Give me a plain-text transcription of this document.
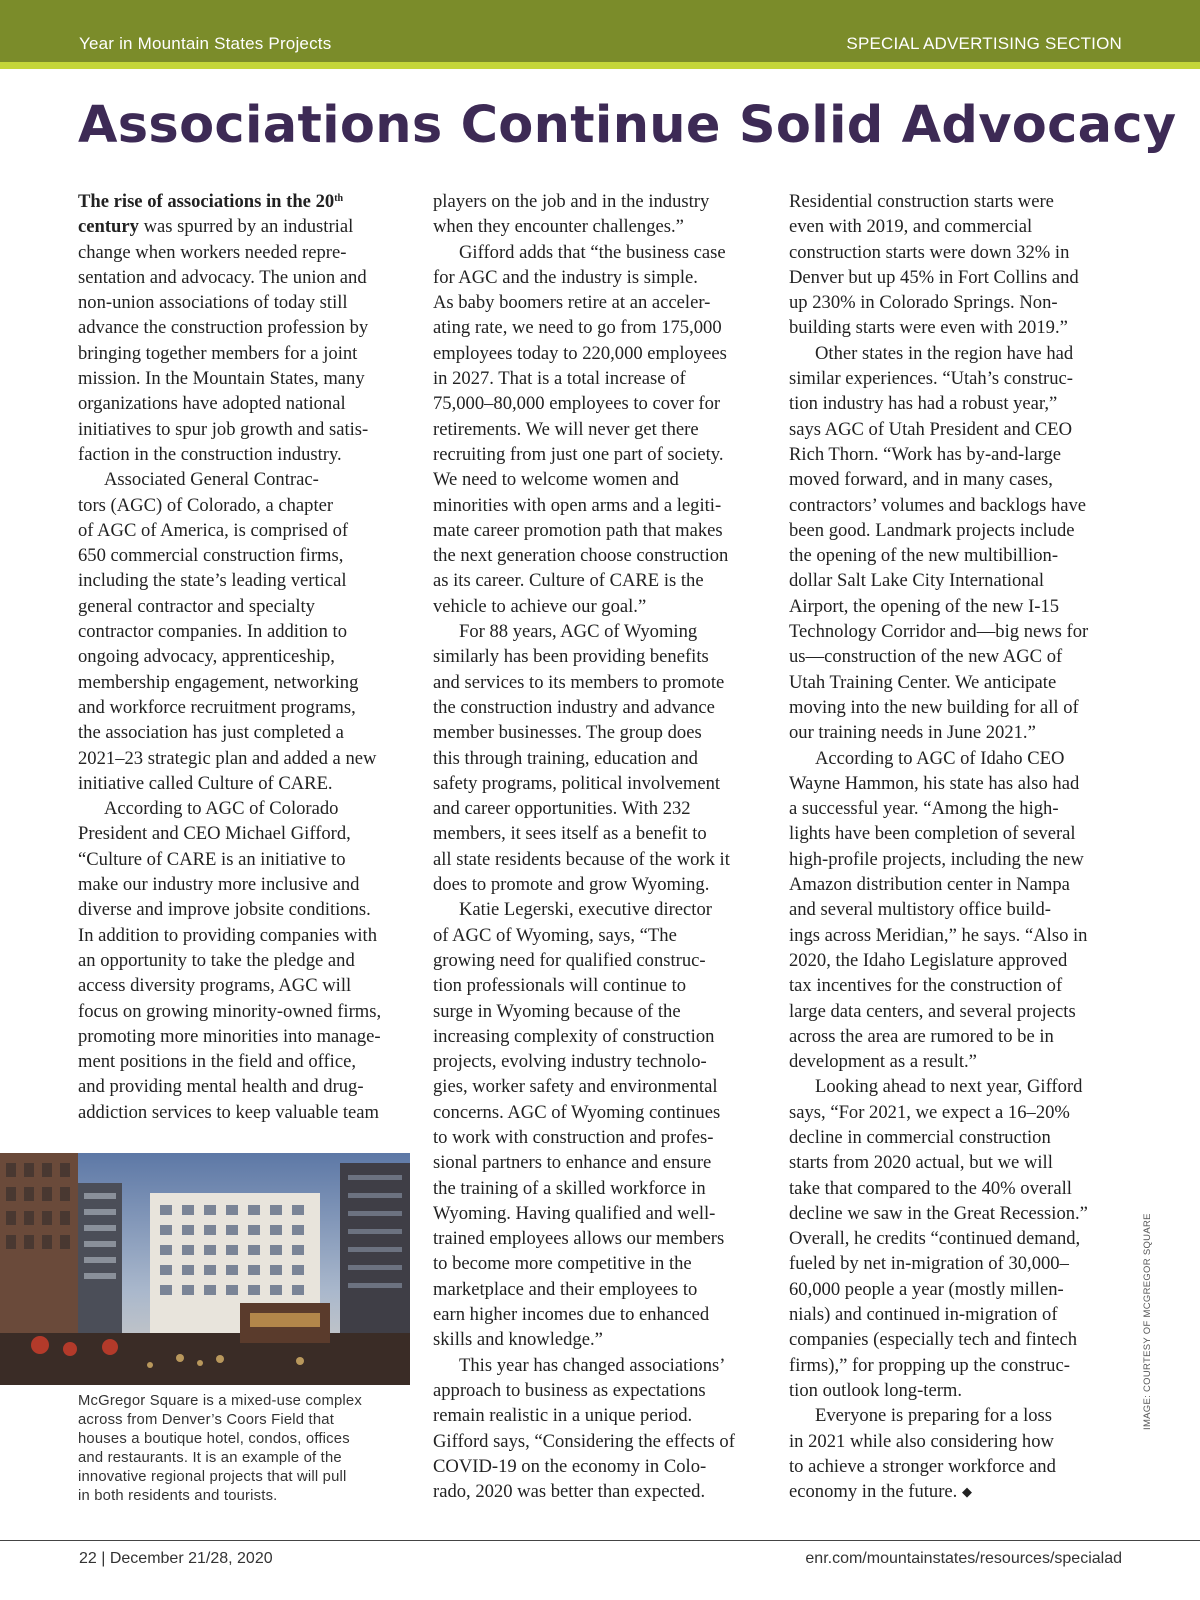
Year in Mountain States Projects	SPECIAL ADVERTISING SECTION
Associations Continue Solid Advocacy

The rise of associations in the 20th
century was spurred by an industrial
change when workers needed repre-
sentation and advocacy. The union and
non-union associations of today still
advance the construction profession by
bringing together members for a joint
mission. In the Mountain States, many
organizations have adopted national
initiatives to spur job growth and satis-
faction in the construction industry.

Associated General Contrac-

tors (AGC) of Colorado, a chapter
of AGC of America, is comprised of
650 commercial construction firms,
including the state’s leading vertical
general contractor and specialty
contractor companies. In addition to
ongoing advocacy, apprenticeship,
membership engagement, networking
and workforce recruitment programs,
the association has just completed a
2021–23 strategic plan and added a new
initiative called Culture of CARE.

According to AGC of Colorado

President and CEO Michael Gifford,
“Culture of CARE is an initiative to
make our industry more inclusive and
diverse and improve jobsite conditions.
In addition to providing companies with
an opportunity to take the pledge and
access diversity programs, AGC will
focus on growing minority-owned firms,
promoting more minorities into manage-
ment positions in the field and office,
and providing mental health and drug-
addiction services to keep valuable team

players on the job and in the industry
when they encounter challenges.”

Gifford adds that “the business case

for AGC and the industry is simple.
As baby boomers retire at an acceler-
ating rate, we need to go from 175,000
employees today to 220,000 employees
in 2027. That is a total increase of
75,000–80,000 employees to cover for
retirements. We will never get there
recruiting from just one part of society.
We need to welcome women and
minorities with open arms and a legiti-
mate career promotion path that makes
the next generation choose construction
as its career. Culture of CARE is the
vehicle to achieve our goal.”

For 88 years, AGC of Wyoming

similarly has been providing benefits
and services to its members to promote
the construction industry and advance
member businesses. The group does
this through training, education and
safety programs, political involvement
and career opportunities. With 232
members, it sees itself as a benefit to
all state residents because of the work it
does to promote and grow Wyoming.

Katie Legerski, executive director

of AGC of Wyoming, says, “The
growing need for qualified construc-
tion professionals will continue to
surge in Wyoming because of the
increasing complexity of construction
projects, evolving industry technolo-
gies, worker safety and environmental
concerns. AGC of Wyoming continues
to work with construction and profes-
sional partners to enhance and ensure
the training of a skilled workforce in
Wyoming. Having qualified and well-
trained employees allows our members
to become more competitive in the
marketplace and their employees to
earn higher incomes due to enhanced
skills and knowledge.”

This year has changed associations’

approach to business as expectations
remain realistic in a unique period.
Gifford says, “Considering the effects of
COVID-19 on the economy in Colo-
rado, 2020 was better than expected.

Residential construction starts were
even with 2019, and commercial
construction starts were down 32% in
Denver but up 45% in Fort Collins and
up 230% in Colorado Springs. Non-
building starts were even with 2019.”

Other states in the region have had

similar experiences. “Utah’s construc-
tion industry has had a robust year,”
says AGC of Utah President and CEO
Rich Thorn. “Work has by-and-large
moved forward, and in many cases,
contractors’ volumes and backlogs have
been good. Landmark projects include
the opening of the new multibillion-
dollar Salt Lake City International
Airport, the opening of the new I-15
Technology Corridor and—big news for
us—construction of the new AGC of
Utah Training Center. We anticipate
moving into the new building for all of
our training needs in June 2021.”

According to AGC of Idaho CEO

Wayne Hammon, his state has also had
a successful year. “Among the high-
lights have been completion of several
high-profile projects, including the new
Amazon distribution center in Nampa
and several multistory office build-
ings across Meridian,” he says. “Also in
2020, the Idaho Legislature approved
tax incentives for the construction of
large data centers, and several projects
across the area are rumored to be in
development as a result.”

Looking ahead to next year, Gifford

says, “For 2021, we expect a 16–20%
decline in commercial construction
starts from 2020 actual, but we will
take that compared to the 40% overall
decline we saw in the Great Recession.”
Overall, he credits “continued demand,
fueled by net in-migration of 30,000–
60,000 people a year (mostly millen-
nials) and continued in-migration of
companies (especially tech and fintech
firms),” for propping up the construc-
tion outlook long-term.

Everyone is preparing for a loss

in 2021 while also considering how
to achieve a stronger workforce and
economy in the future. ◆

McGregor Square is a mixed-use complex
across from Denver’s Coors Field that
houses a boutique hotel, condos, offices
and restaurants. It is an example of the
innovative regional projects that will pull
in both residents and tourists.
IMAGE: COURTESY OF MCGREGOR SQUARE
22 | December 21/28, 2020	enr.com/mountainstates/resources/specialad
